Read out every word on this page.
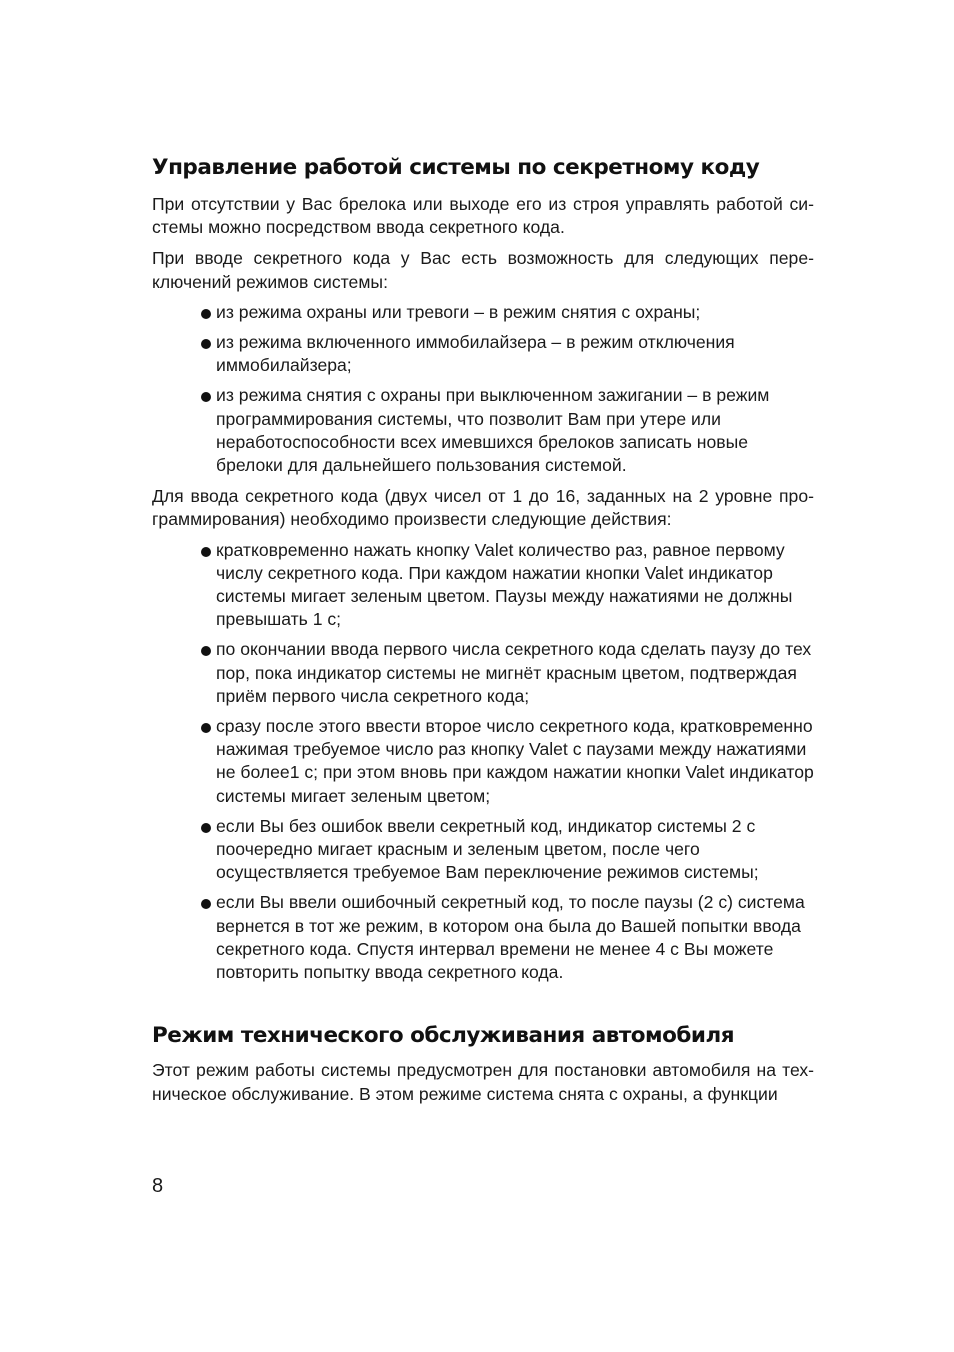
Управление работой системы по секретному коду

При отсутствии у Вас брелока или выходе его из строя управлять работой системы можно посредством ввода секретного кода.

При вводе секретного кода у Вас есть возможность для следующих переключений режимов системы:

из режима охраны или тревоги – в режим снятия с охраны;
из режима включенного иммобилайзера – в режим отключения иммобилайзера;
из режима снятия с охраны при выключенном зажигании – в режим программирования системы, что позволит Вам при утере или неработоспособности всех имевшихся брелоков записать новые брелоки для дальнейшего пользования системой.

Для ввода секретного кода (двух чисел от 1 до 16, заданных на 2 уровне программирования) необходимо произвести следующие действия:

кратковременно нажать кнопку Valet количество раз, равное первому числу секретного кода. При каждом нажатии кнопки Valet индикатор системы мигает зеленым цветом. Паузы между нажатиями не должны превышать 1 с;
по окончании ввода первого числа секретного кода сделать паузу до тех пор, пока индикатор системы не мигнёт красным цветом, подтверждая приём первого числа секретного кода;
сразу после этого ввести второе число секретного кода, кратковременно нажимая требуемое число раз кнопку Valet с паузами между нажатиями не более1 с; при этом вновь при каждом нажатии кнопки Valet индикатор системы мигает зеленым цветом;
если Вы без ошибок ввели секретный код, индикатор системы 2 с поочередно мигает красным и зеленым цветом, после чего осуществляется требуемое Вам переключение режимов системы;
если Вы ввели ошибочный секретный код, то после паузы (2 с) система вернется в тот же режим, в котором она была до Вашей попытки ввода секретного кода. Спустя интервал времени не менее 4 с Вы можете повторить попытку ввода секретного кода.
Режим технического обслуживания автомобиля

Этот режим работы системы предусмотрен для постановки автомобиля на техническое обслуживание. В этом режиме система снята с охраны, а функции

8
